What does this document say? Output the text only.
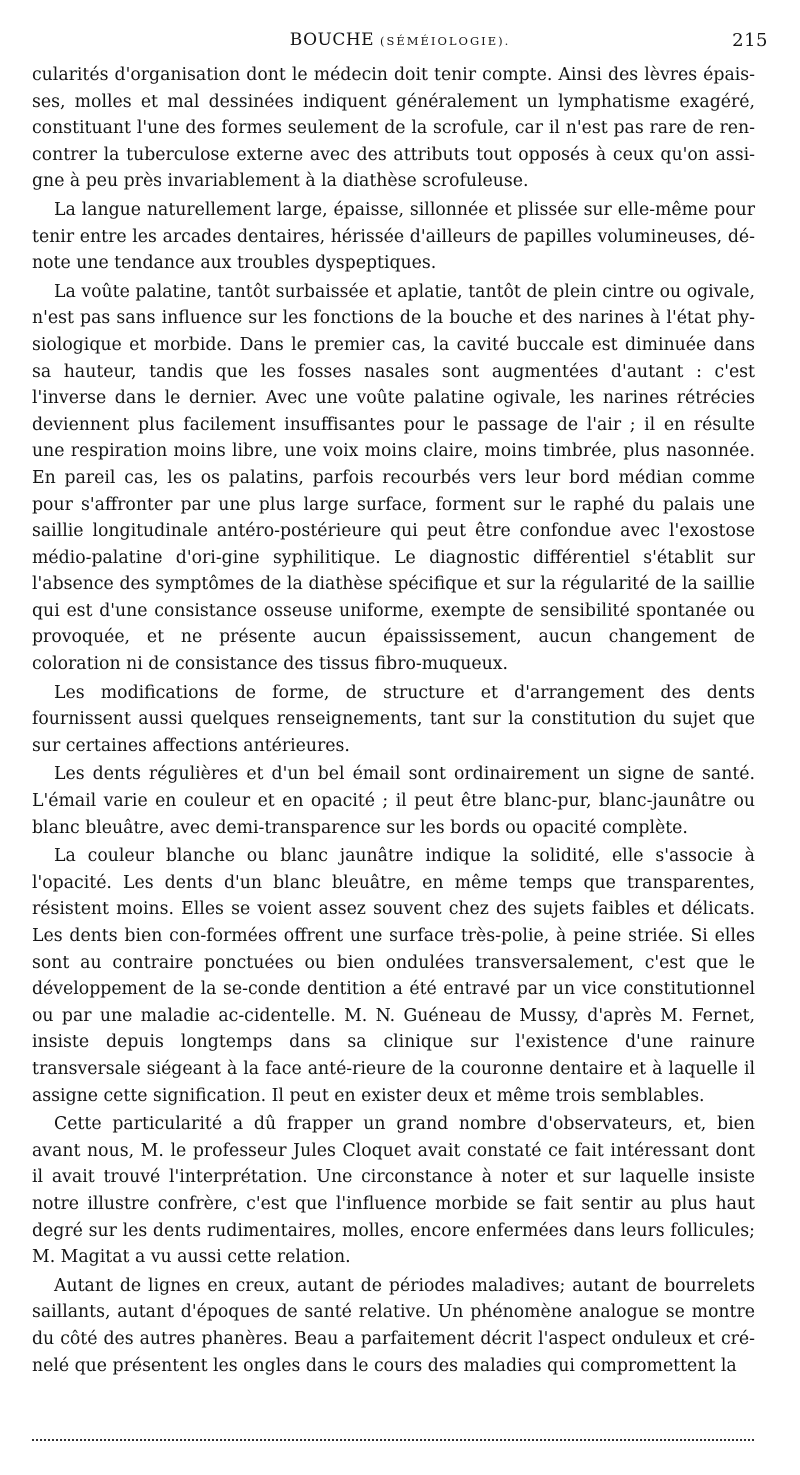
BOUCHE (SÉMÉIOLOGIE).	215

cularités d'organisation dont le médecin doit tenir compte. Ainsi des lèvres épais-ses, molles et mal dessinées indiquent généralement un lymphatisme exagéré, constituant l'une des formes seulement de la scrofule, car il n'est pas rare de ren-contrer la tuberculose externe avec des attributs tout opposés à ceux qu'on assi-gne à peu près invariablement à la diathèse scrofuleuse.

La langue naturellement large, épaisse, sillonnée et plissée sur elle-même pour tenir entre les arcades dentaires, hérissée d'ailleurs de papilles volumineuses, dé-note une tendance aux troubles dyspeptiques.

La voûte palatine, tantôt surbaissée et aplatie, tantôt de plein cintre ou ogivale, n'est pas sans influence sur les fonctions de la bouche et des narines à l'état phy-siologique et morbide. Dans le premier cas, la cavité buccale est diminuée dans sa hauteur, tandis que les fosses nasales sont augmentées d'autant : c'est l'inverse dans le dernier. Avec une voûte palatine ogivale, les narines rétrécies deviennent plus facilement insuffisantes pour le passage de l'air ; il en résulte une respiration moins libre, une voix moins claire, moins timbrée, plus nasonnée. En pareil cas, les os palatins, parfois recourbés vers leur bord médian comme pour s'affronter par une plus large surface, forment sur le raphé du palais une saillie longitudinale antéro-postérieure qui peut être confondue avec l'exostose médio-palatine d'ori-gine syphilitique. Le diagnostic différentiel s'établit sur l'absence des symptômes de la diathèse spécifique et sur la régularité de la saillie qui est d'une consistance osseuse uniforme, exempte de sensibilité spontanée ou provoquée, et ne présente aucun épaississement, aucun changement de coloration ni de consistance des tissus fibro-muqueux.

Les modifications de forme, de structure et d'arrangement des dents fournissent aussi quelques renseignements, tant sur la constitution du sujet que sur certaines affections antérieures.

Les dents régulières et d'un bel émail sont ordinairement un signe de santé. L'émail varie en couleur et en opacité ; il peut être blanc-pur, blanc-jaunâtre ou blanc bleuâtre, avec demi-transparence sur les bords ou opacité complète.

La couleur blanche ou blanc jaunâtre indique la solidité, elle s'associe à l'opacité. Les dents d'un blanc bleuâtre, en même temps que transparentes, résistent moins. Elles se voient assez souvent chez des sujets faibles et délicats. Les dents bien con-formées offrent une surface très-polie, à peine striée. Si elles sont au contraire ponctuées ou bien ondulées transversalement, c'est que le développement de la se-conde dentition a été entravé par un vice constitutionnel ou par une maladie ac-cidentelle. M. N. Guéneau de Mussy, d'après M. Fernet, insiste depuis longtemps dans sa clinique sur l'existence d'une rainure transversale siégeant à la face anté-rieure de la couronne dentaire et à laquelle il assigne cette signification. Il peut en exister deux et même trois semblables.

Cette particularité a dû frapper un grand nombre d'observateurs, et, bien avant nous, M. le professeur Jules Cloquet avait constaté ce fait intéressant dont il avait trouvé l'interprétation. Une circonstance à noter et sur laquelle insiste notre illustre confrère, c'est que l'influence morbide se fait sentir au plus haut degré sur les dents rudimentaires, molles, encore enfermées dans leurs follicules; M. Magitat a vu aussi cette relation.

Autant de lignes en creux, autant de périodes maladives; autant de bourrelets saillants, autant d'époques de santé relative. Un phénomène analogue se montre du côté des autres phanères. Beau a parfaitement décrit l'aspect onduleux et cré-nelé que présentent les ongles dans le cours des maladies qui compromettent la
